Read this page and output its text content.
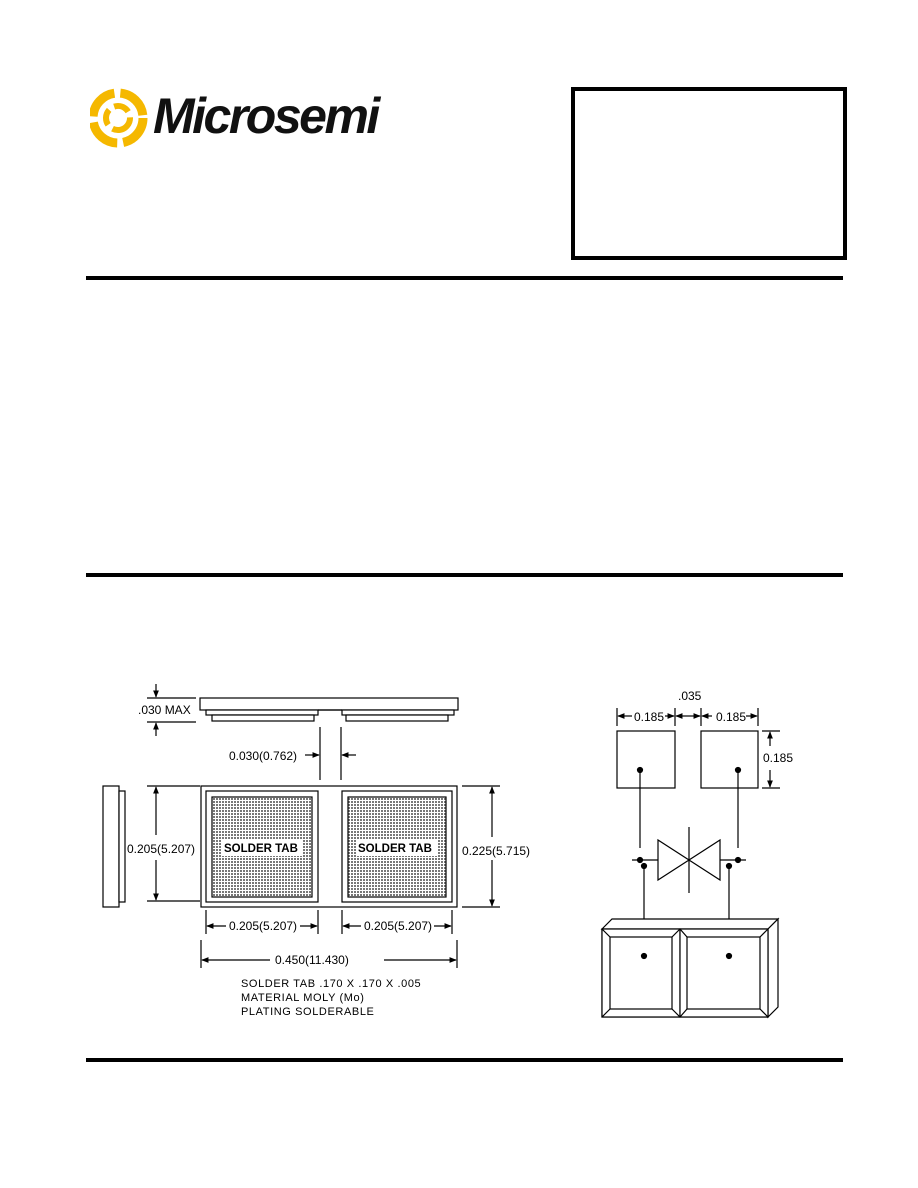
Microsemi
.030 MAX
0.030(0.762)
0.205(5.207)	SOLDER TAB	SOLDER TAB	0.225(5.715)
0.205(5.207)	0.205(5.207)
0.450(11.430)
SOLDER TAB .170 X .170 X .005
MATERIAL MOLY (Mo)
PLATING SOLDERABLE
.035
0.185	0.185
0.185
